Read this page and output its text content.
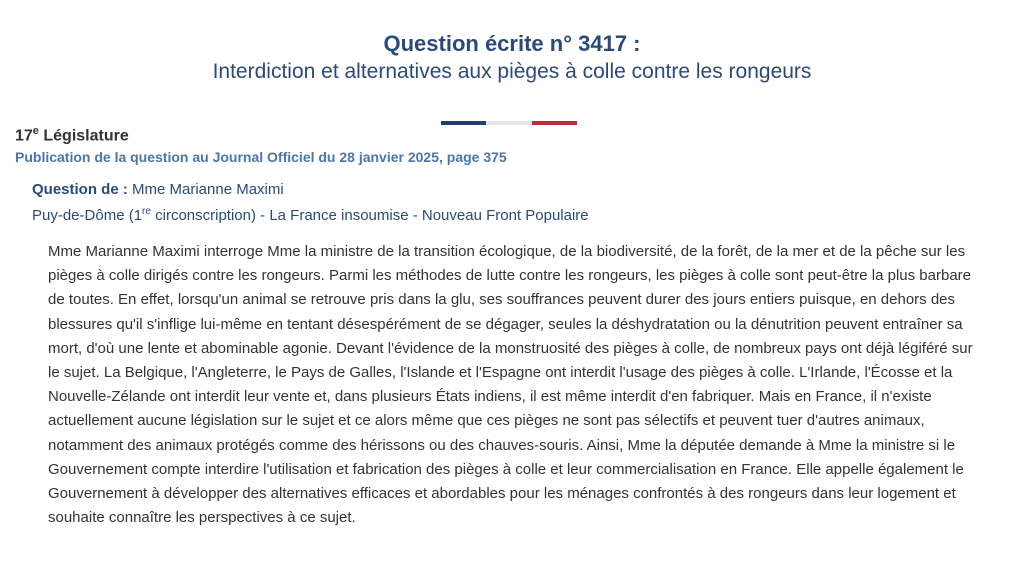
Question écrite n° 3417 :
Interdiction et alternatives aux pièges à colle contre les rongeurs
17e Législature
Publication de la question au Journal Officiel du 28 janvier 2025, page 375
Question de : Mme Marianne Maximi
Puy-de-Dôme (1re circonscription) - La France insoumise - Nouveau Front Populaire

Mme Marianne Maximi interroge Mme la ministre de la transition écologique, de la biodiversité, de la forêt, de la mer et de la pêche sur les pièges à colle dirigés contre les rongeurs. Parmi les méthodes de lutte contre les rongeurs, les pièges à colle sont peut-être la plus barbare de toutes. En effet, lorsqu'un animal se retrouve pris dans la glu, ses souffrances peuvent durer des jours entiers puisque, en dehors des blessures qu'il s'inflige lui-même en tentant désespérément de se dégager, seules la déshydratation ou la dénutrition peuvent entraîner sa mort, d'où une lente et abominable agonie. Devant l'évidence de la monstruosité des pièges à colle, de nombreux pays ont déjà légiféré sur le sujet. La Belgique, l'Angleterre, le Pays de Galles, l'Islande et l'Espagne ont interdit l'usage des pièges à colle. L'Irlande, l'Écosse et la Nouvelle-Zélande ont interdit leur vente et, dans plusieurs États indiens, il est même interdit d'en fabriquer. Mais en France, il n'existe actuellement aucune législation sur le sujet et ce alors même que ces pièges ne sont pas sélectifs et peuvent tuer d'autres animaux, notamment des animaux protégés comme des hérissons ou des chauves-souris. Ainsi, Mme la députée demande à Mme la ministre si le Gouvernement compte interdire l'utilisation et fabrication des pièges à colle et leur commercialisation en France. Elle appelle également le Gouvernement à développer des alternatives efficaces et abordables pour les ménages confrontés à des rongeurs dans leur logement et souhaite connaître les perspectives à ce sujet.
